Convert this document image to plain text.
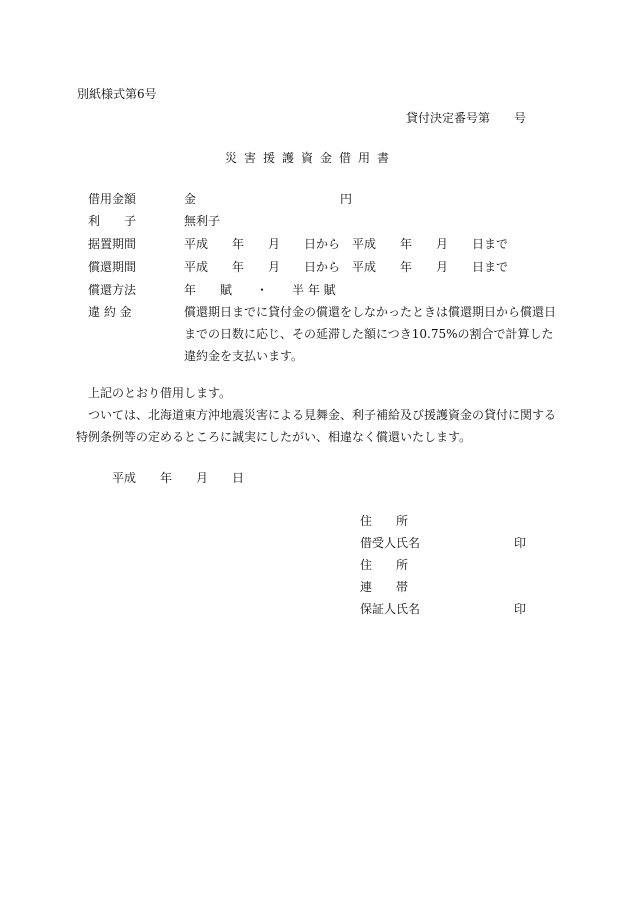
別紙様式第6号
貸付決定番号第　　号
災害援護資金借用書
借用金額	金　　　　　　　　　　　　円
利　　子	無利子
据置期間	平成　　年　　月　　日から　平成　　年　　月　　日まで
償還期間	平成　　年　　月　　日から　平成　　年　　月　　日まで
償還方法	年　　賦　　・　　半 年 賦
違 約 金	償還期日までに貸付金の償還をしなかったときは償還期日から償還日
までの日数に応じ、その延滞した額につき10.75%の割合で計算した
違約金を支払います。
上記のとおり借用します。
ついては、北海道東方沖地震災害による見舞金、利子補給及び援護資金の貸付に関する
特例条例等の定めるところに誠実にしたがい、相違なく償還いたします。
平成　　年　　月　　日
住　　所
借受人氏名	印
住　　所
連　　帯
保証人氏名	印
